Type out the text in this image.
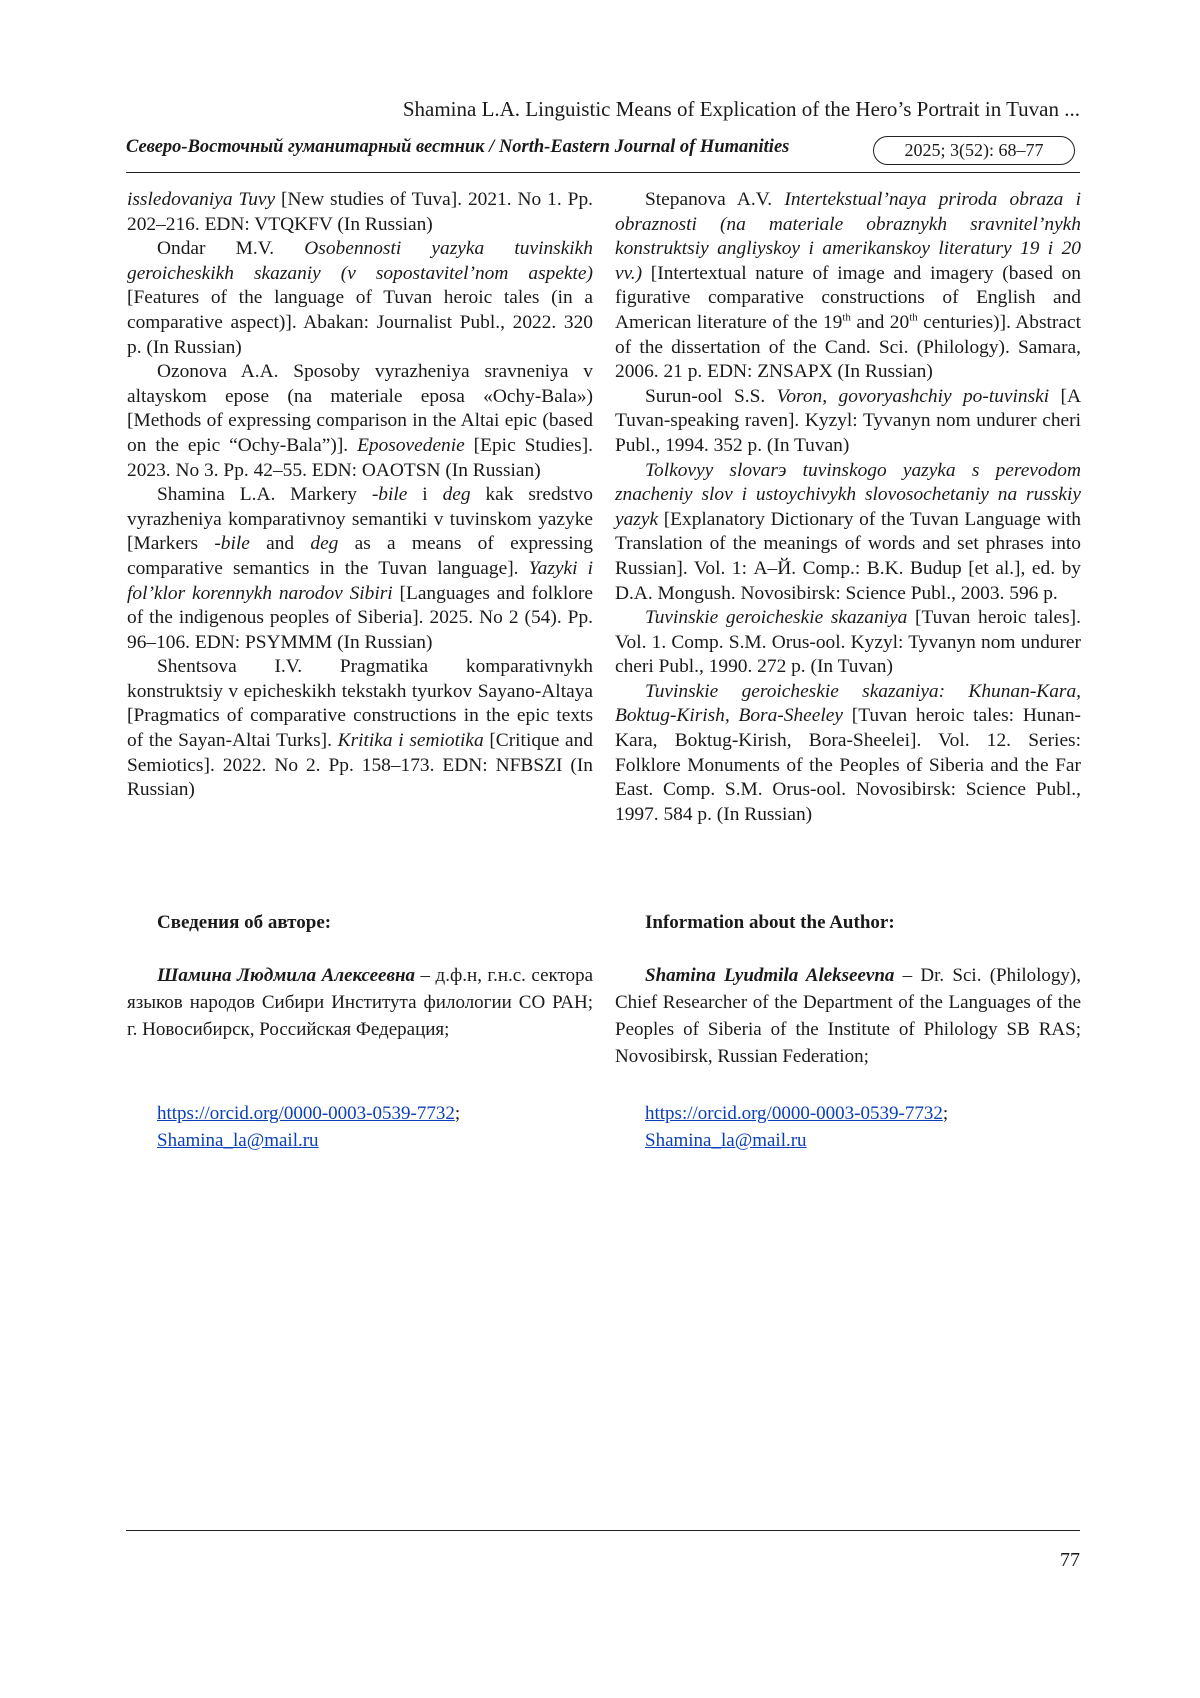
Shamina L.A. Linguistic Means of Explication of the Hero’s Portrait in Tuvan ...
Северо-Восточный гуманитарный вестник / North-Eastern Journal of Humanities	2025; 3(52): 68–77

issledovaniya Tuvy [New studies of Tuva]. 2021. No 1. Pp. 202–216. EDN: VTQKFV (In Russian)

Ondar M.V. Osobennosti yazyka tuvinskikh geroicheskikh skazaniy (v sopostavitel’nom aspekte) [Features of the language of Tuvan heroic tales (in a comparative aspect)]. Abakan: Journalist Publ., 2022. 320 p. (In Russian)

Ozonova A.A. Sposoby vyrazheniya sravneniya v altayskom epose (na materiale eposa «Ochy-Bala») [Methods of expressing comparison in the Altai epic (based on the epic “Ochy-Bala”)]. Eposovedenie [Epic Studies]. 2023. No 3. Pp. 42–55. EDN: OAOTSN (In Russian)

Shamina L.A. Markery -bile i deg kak sredstvo vyrazheniya komparativnoy semantiki v tuvinskom yazyke [Markers -bile and deg as a means of expressing comparative semantics in the Tuvan language]. Yazyki i fol’klor korennykh narodov Sibiri [Languages and folklore of the indigenous peoples of Siberia]. 2025. No 2 (54). Pp. 96–106. EDN: PSYMMM (In Russian)

Shentsova I.V. Pragmatika komparativnykh konstruktsiy v epicheskikh tekstakh tyurkov Sayano-Altaya [Pragmatics of comparative constructions in the epic texts of the Sayan-Altai Turks]. Kritika i semiotika [Critique and Semiotics]. 2022. No 2. Pp. 158–173. EDN: NFBSZI (In Russian)

Stepanova A.V. Intertekstual’naya priroda obraza i obraznosti (na materiale obraznykh sravnitel’nykh konstruktsiy angliyskoy i amerikanskoy literatury 19 i 20 vv.) [Intertextual nature of image and imagery (based on figurative comparative constructions of English and American literature of the 19th and 20th centuries)]. Abstract of the dissertation of the Cand. Sci. (Philology). Samara, 2006. 21 p. EDN: ZNSAPX (In Russian)

Surun-ool S.S. Voron, govoryashchiy po-tuvinski [A Tuvan-speaking raven]. Kyzyl: Tyvanyn nom undurer cheri Publ., 1994. 352 p. (In Tuvan)

Tolkovyy slovarэ tuvinskogo yazyka s perevodom znacheniy slov i ustoychivykh slovosochetaniy na russkiy yazyk [Explanatory Dictionary of the Tuvan Language with Translation of the meanings of words and set phrases into Russian]. Vol. 1: А–Й. Comp.: B.K. Budup [et al.], ed. by D.A. Mongush. Novosibirsk: Science Publ., 2003. 596 p.

Tuvinskie geroicheskie skazaniya [Tuvan heroic tales]. Vol. 1. Comp. S.M. Orus-ool. Kyzyl: Tyvanyn nom undurer cheri Publ., 1990. 272 p. (In Tuvan)

Tuvinskie geroicheskie skazaniya: Khunan-Kara, Boktug-Kirish, Bora-Sheeley [Tuvan heroic tales: Hunan-Kara, Boktug-Kirish, Bora-Sheelei]. Vol. 12. Series: Folklore Monuments of the Peoples of Siberia and the Far East. Comp. S.M. Orus-ool. Novosibirsk: Science Publ., 1997. 584 p. (In Russian)

Сведения об авторе:

Шамина Людмила Алексеевна – д.ф.н, г.н.с. сектора языков народов Сибири Института филологии СО РАН; г. Новосибирск, Российская Федерация;

https://orcid.org/0000-0003-0539-7732;
Shamina_la@mail.ru
Information about the Author:

Shamina Lyudmila Alekseevna – Dr. Sci. (Philology), Chief Researcher of the Department of the Languages of the Peoples of Siberia of the Institute of Philology SB RAS; Novosibirsk, Russian Federation;

https://orcid.org/0000-0003-0539-7732;
Shamina_la@mail.ru
77
